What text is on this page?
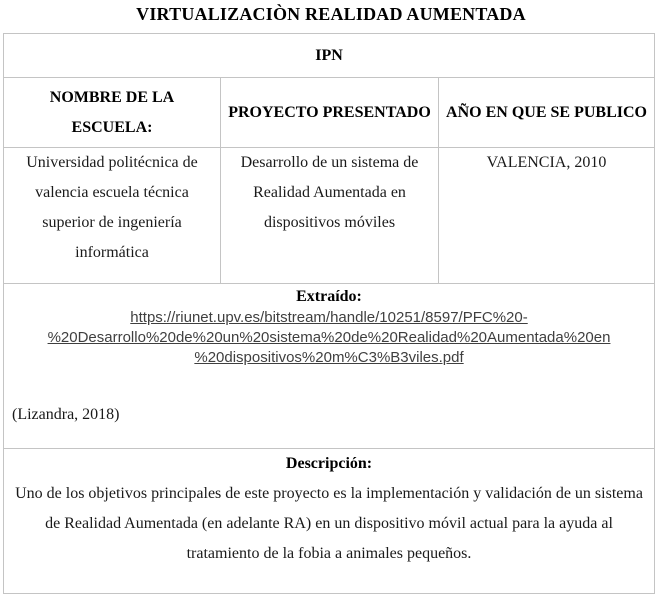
VIRTUALIZACIÒN REALIDAD AUMENTADA
IPN		
NOMBRE DE LA ESCUELA:	PROYECTO PRESENTADO	AÑO EN QUE SE PUBLICO
Universidad politécnica de valencia escuela técnica superior de ingeniería informática	Desarrollo de un sistema de Realidad Aumentada en dispositivos móviles	VALENCIA, 2010

Extraído:
https://riunet.upv.es/bitstream/handle/10251/8597/PFC%20-
%20Desarrollo%20de%20un%20sistema%20de%20Realidad%20Aumentada%20en
%20dispositivos%20m%C3%B3viles.pdf
(Lizandra, 2018)		

Descripción:
Uno de los objetivos principales de este proyecto es la implementación y validación de un sistema de Realidad Aumentada (en adelante RA) en un dispositivo móvil actual para la ayuda al tratamiento de la fobia a animales pequeños.		
